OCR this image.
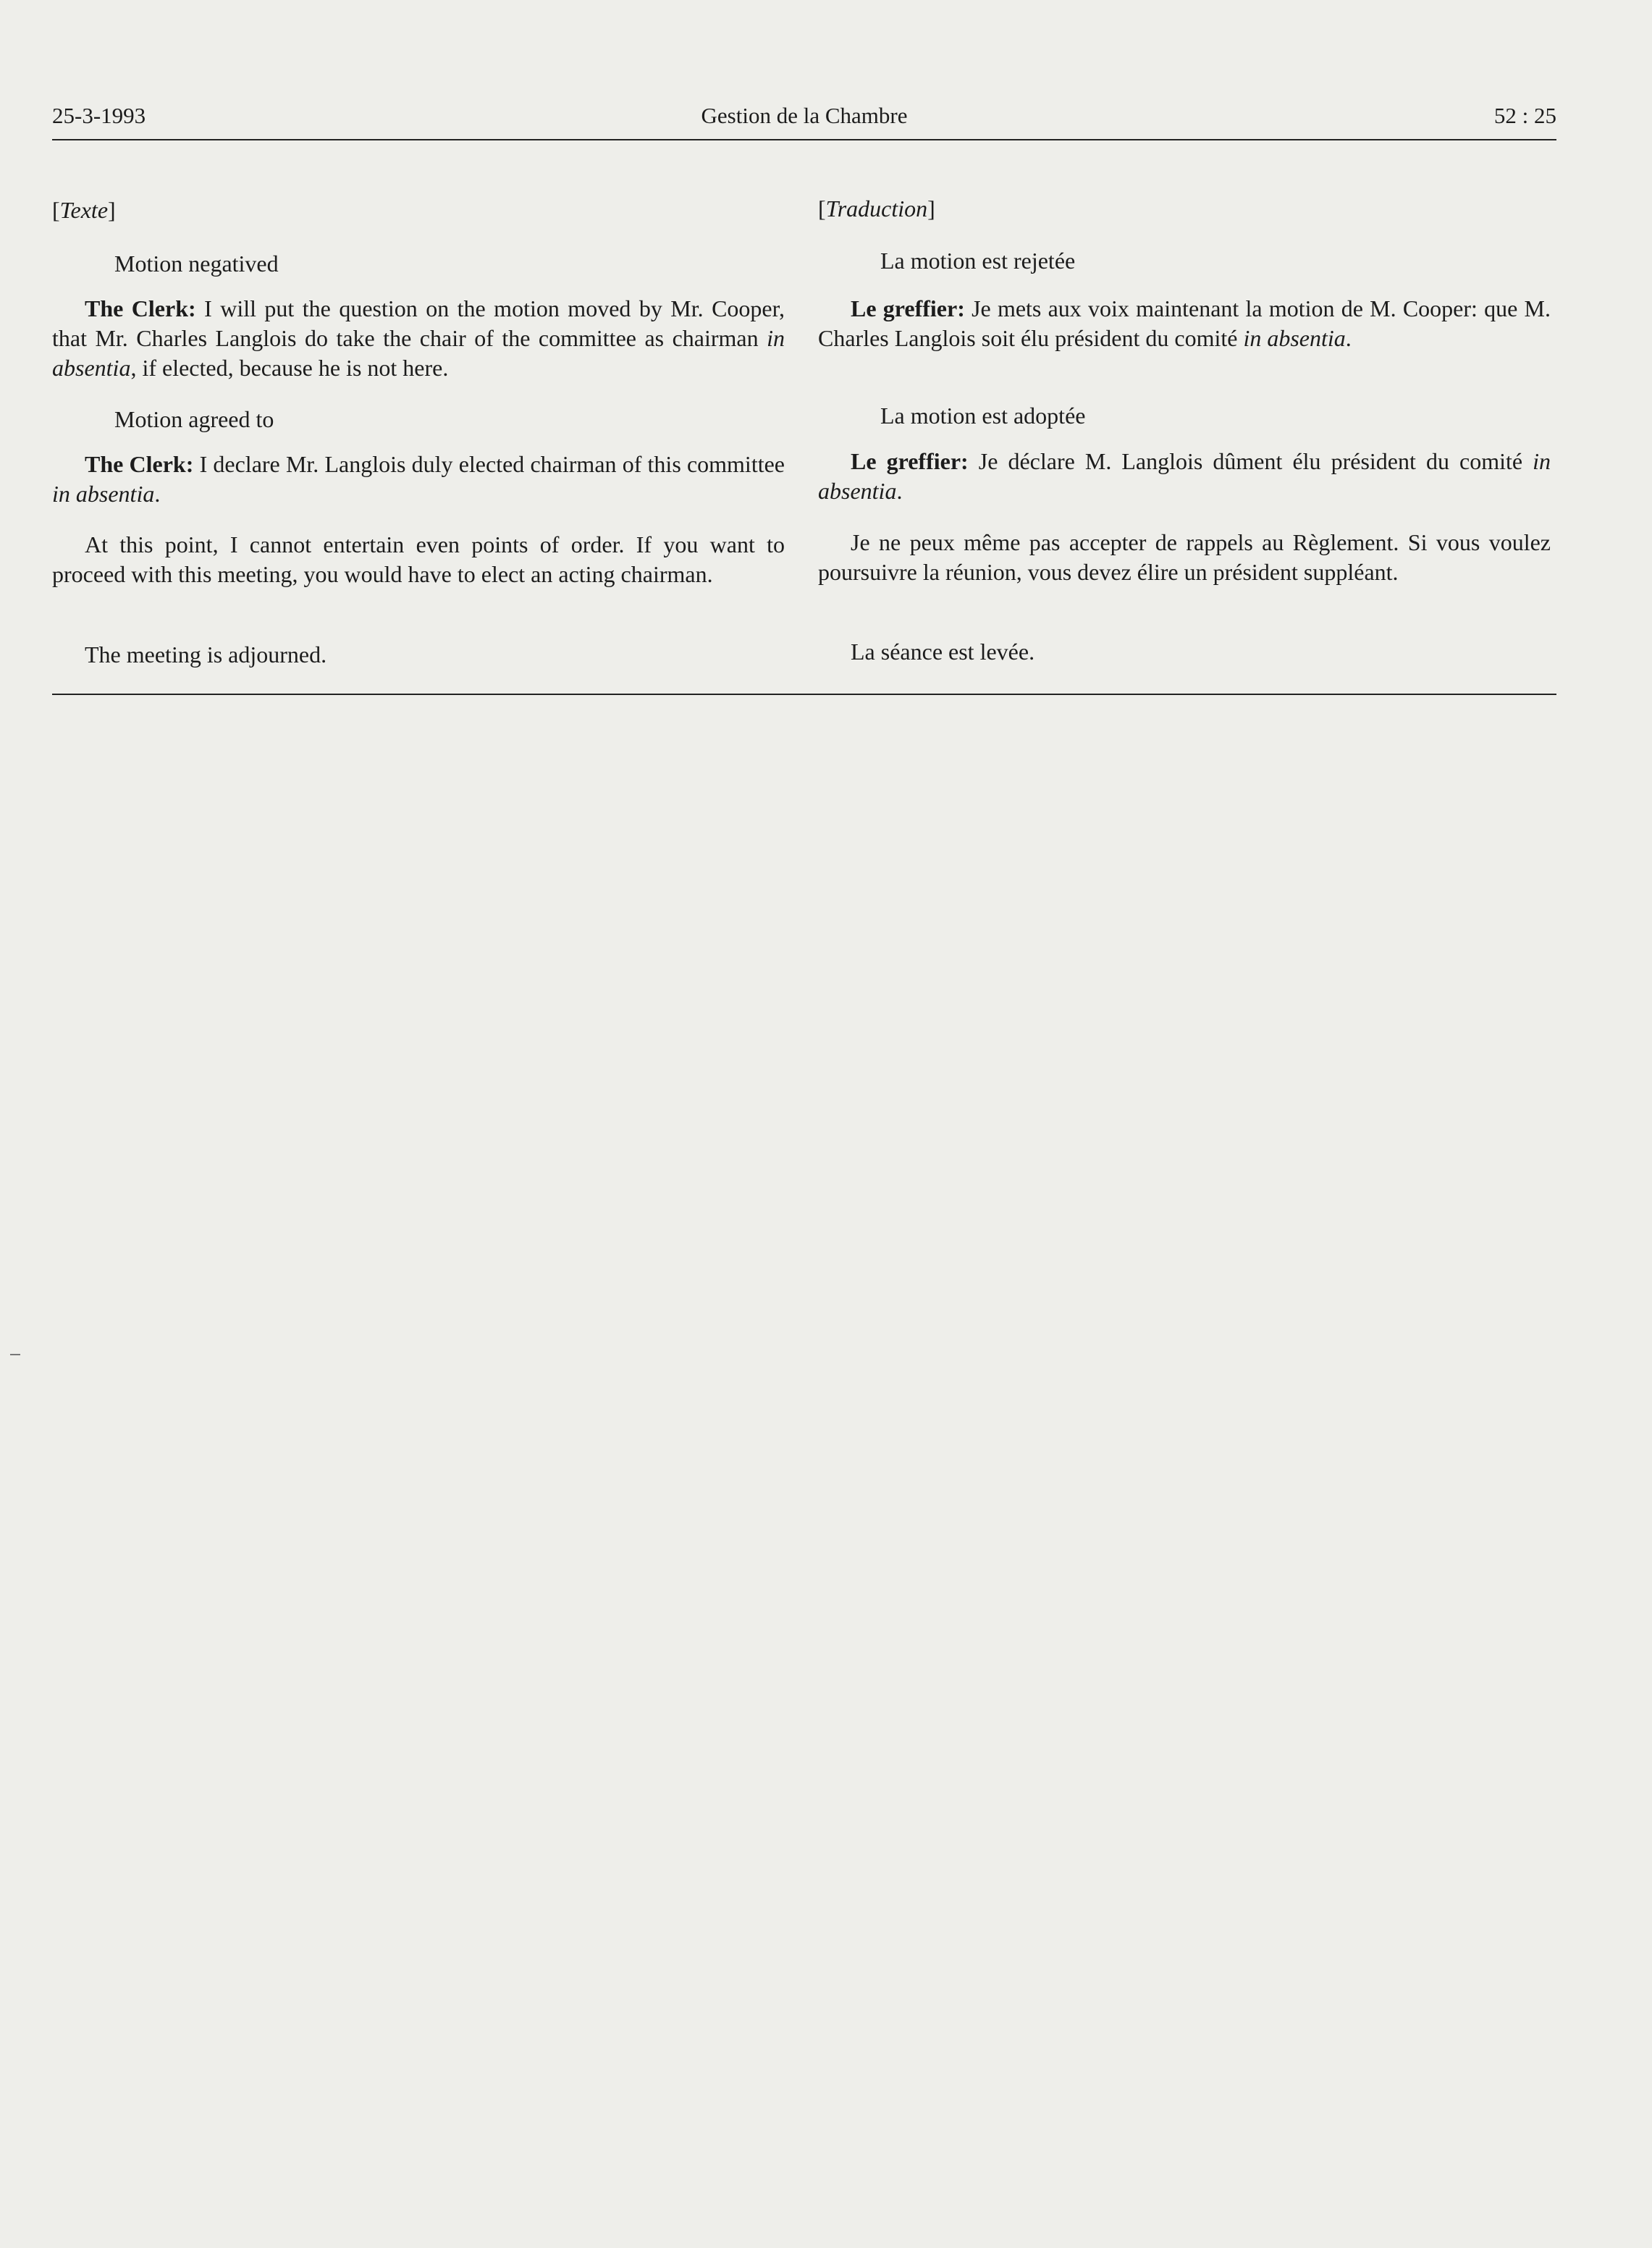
Gestion de la Chambre
25-3-1993	52 : 25
[Texte]

Motion negatived

The Clerk: I will put the question on the motion moved by Mr. Cooper, that Mr. Charles Langlois do take the chair of the committee as chairman in absentia, if elected, because he is not here.

Motion agreed to

The Clerk: I declare Mr. Langlois duly elected chairman of this committee in absentia.

At this point, I cannot entertain even points of order. If you want to proceed with this meeting, you would have to elect an acting chairman.

The meeting is adjourned.

[Traduction]

La motion est rejetée

Le greffier: Je mets aux voix maintenant la motion de M. Cooper: que M. Charles Langlois soit élu président du comité in absentia.

La motion est adoptée

Le greffier: Je déclare M. Langlois dûment élu président du comité in absentia.

Je ne peux même pas accepter de rappels au Règlement. Si vous voulez poursuivre la réunion, vous devez élire un président suppléant.

La séance est levée.
